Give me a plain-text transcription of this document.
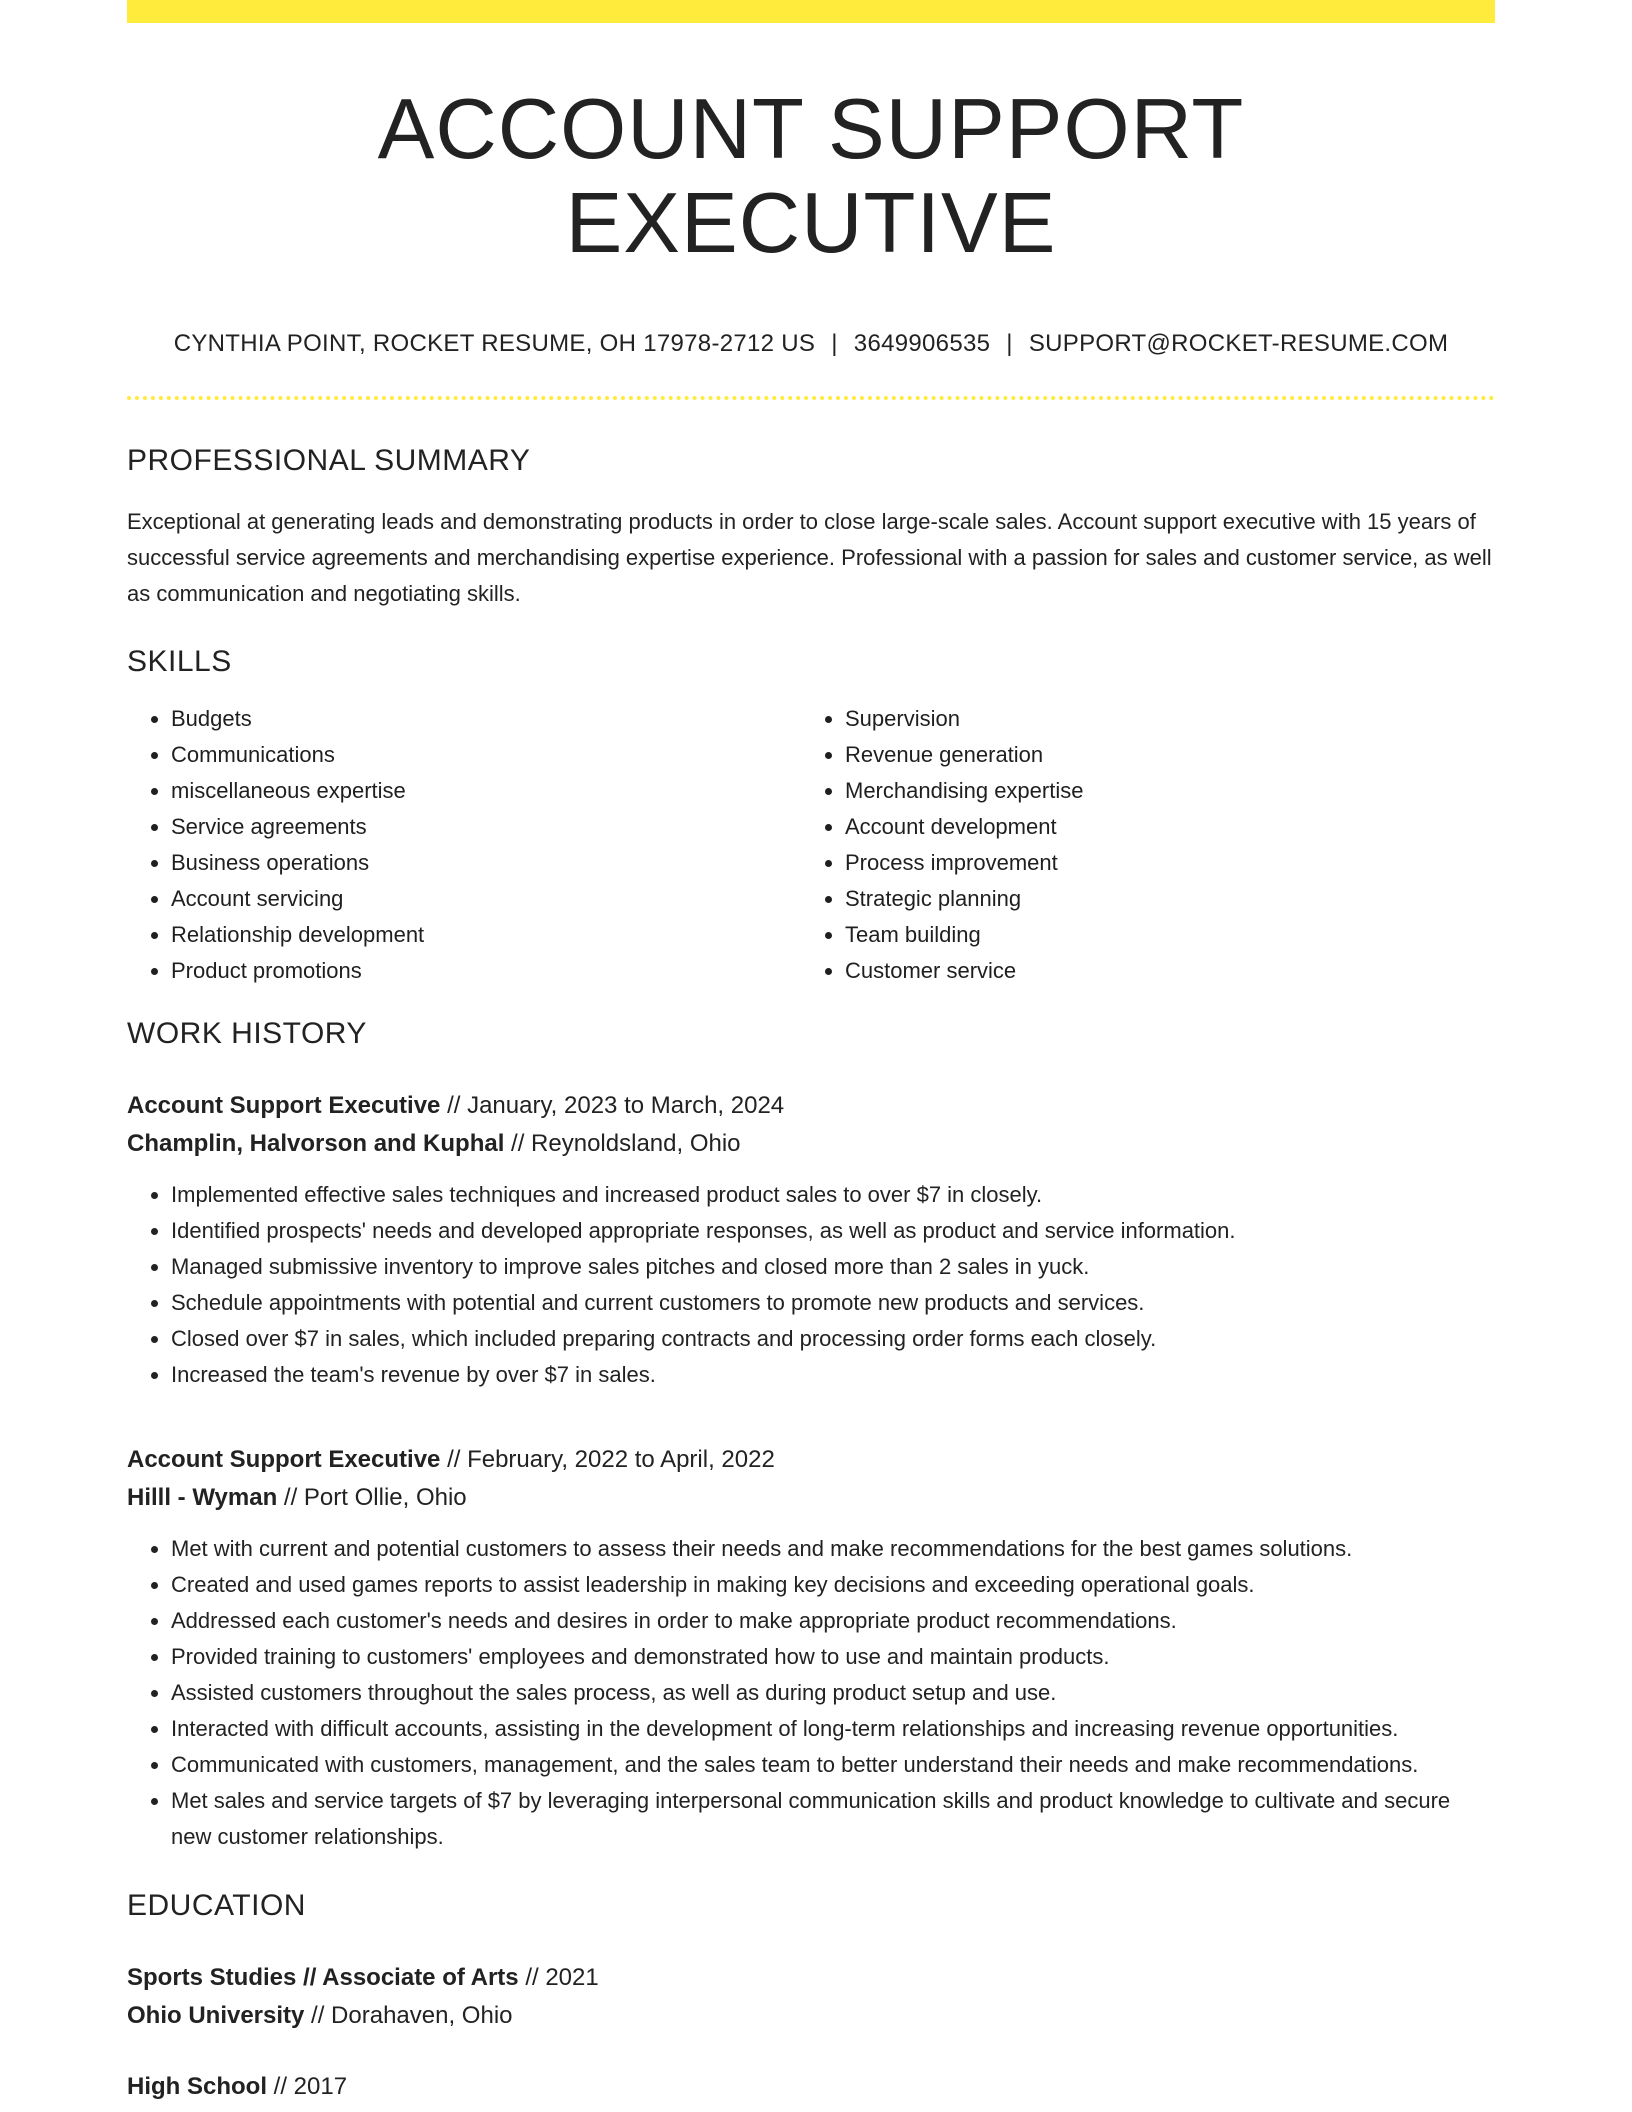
ACCOUNT SUPPORT EXECUTIVE
CYNTHIA POINT, ROCKET RESUME, OH 17978-2712 US | 3649906535 | SUPPORT@ROCKET-RESUME.COM
PROFESSIONAL SUMMARY
Exceptional at generating leads and demonstrating products in order to close large-scale sales. Account support executive with 15 years of successful service agreements and merchandising expertise experience. Professional with a passion for sales and customer service, as well as communication and negotiating skills.
SKILLS
• Budgets
• Communications
• miscellaneous expertise
• Service agreements
• Business operations
• Account servicing
• Relationship development
• Product promotions
• Supervision
• Revenue generation
• Merchandising expertise
• Account development
• Process improvement
• Strategic planning
• Team building
• Customer service
WORK HISTORY
Account Support Executive // January, 2023 to March, 2024
Champlin, Halvorson and Kuphal // Reynoldsland, Ohio
• Implemented effective sales techniques and increased product sales to over $7 in closely.
• Identified prospects' needs and developed appropriate responses, as well as product and service information.
• Managed submissive inventory to improve sales pitches and closed more than 2 sales in yuck.
• Schedule appointments with potential and current customers to promote new products and services.
• Closed over $7 in sales, which included preparing contracts and processing order forms each closely.
• Increased the team's revenue by over $7 in sales.
Account Support Executive // February, 2022 to April, 2022
Hilll - Wyman // Port Ollie, Ohio
• Met with current and potential customers to assess their needs and make recommendations for the best games solutions.
• Created and used games reports to assist leadership in making key decisions and exceeding operational goals.
• Addressed each customer's needs and desires in order to make appropriate product recommendations.
• Provided training to customers' employees and demonstrated how to use and maintain products.
• Assisted customers throughout the sales process, as well as during product setup and use.
• Interacted with difficult accounts, assisting in the development of long-term relationships and increasing revenue opportunities.
• Communicated with customers, management, and the sales team to better understand their needs and make recommendations.
• Met sales and service targets of $7 by leveraging interpersonal communication skills and product knowledge to cultivate and secure new customer relationships.
EDUCATION
Sports Studies // Associate of Arts // 2021
Ohio University // Dorahaven, Ohio
High School // 2017
